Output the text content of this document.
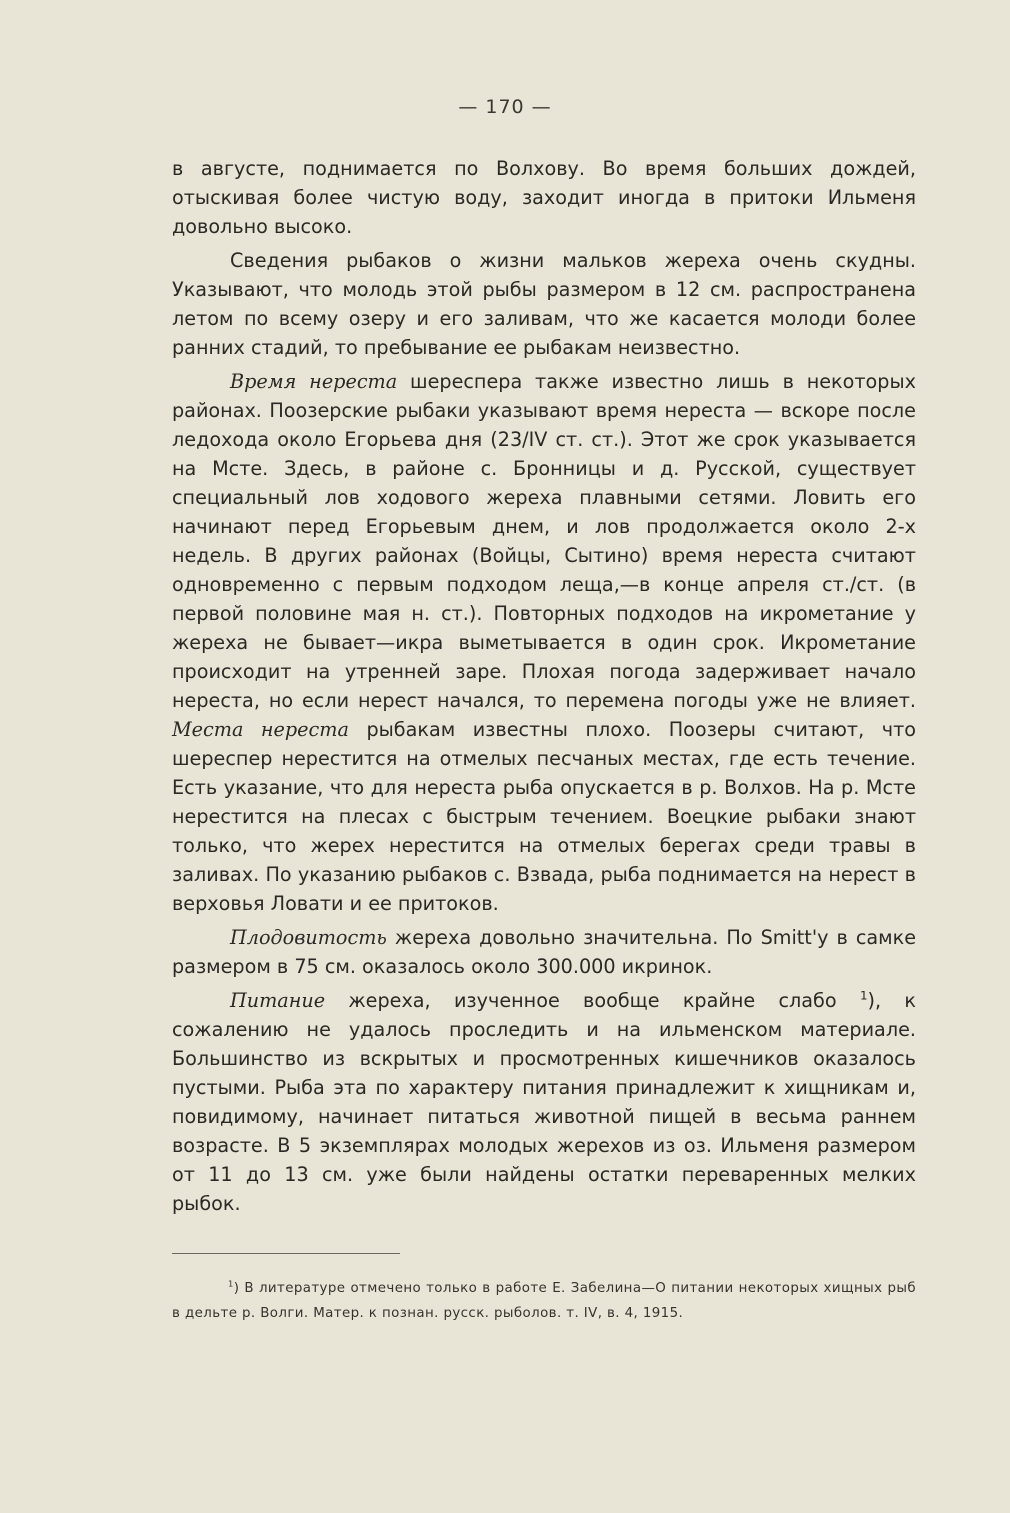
— 170 —

в августе, поднимается по Волхову. Во время больших дождей, отыскивая более чистую воду, заходит иногда в притоки Ильменя довольно высоко.

Сведения рыбаков о жизни мальков жереха очень скудны. Указывают, что молодь этой рыбы размером в 12 см. распространена летом по всему озеру и его заливам, что же касается молоди более ранних стадий, то пребывание ее рыбакам неизвестно.

Время нереста шереспера также известно лишь в некоторых районах. Поозерские рыбаки указывают время нереста — вскоре после ледохода около Егорьева дня (23/IV ст. ст.). Этот же срок указывается на Мсте. Здесь, в районе с. Бронницы и д. Русской, существует специальный лов ходового жереха плавными сетями. Ловить его начинают перед Егорьевым днем, и лов продолжается около 2-х недель. В других районах (Войцы, Сытино) время нереста считают одновременно с первым подходом леща,—в конце апреля ст./ст. (в первой половине мая н. ст.). Повторных подходов на икрометание у жереха не бывает—икра выметывается в один срок. Икрометание происходит на утренней заре. Плохая погода задерживает начало нереста, но если нерест начался, то перемена погоды уже не влияет. Места нереста рыбакам известны плохо. Поозеры считают, что шереспер нерестится на отмелых песчаных местах, где есть течение. Есть указание, что для нереста рыба опускается в р. Волхов. На р. Мсте нерестится на плесах с быстрым течением. Воецкие рыбаки знают только, что жерех нерестится на отмелых берегах среди травы в заливах. По указанию рыбаков с. Взвада, рыба поднимается на нерест в верховья Ловати и ее притоков.

Плодовитость жереха довольно значительна. По Smitt'y в самке размером в 75 см. оказалось около 300.000 икринок.

Питание жереха, изученное вообще крайне слабо $^1$), к сожалению не удалось проследить и на ильменском материале. Большинство из вскрытых и просмотренных кишечников оказалось пустыми. Рыба эта по характеру питания принадлежит к хищникам и, повидимому, начинает питаться животной пищей в весьма раннем возрасте. В 5 экземплярах молодых жерехов из оз. Ильменя размером от 11 до 13 см. уже были найдены остатки переваренных мелких рыбок.

$^1$) В литературе отмечено только в работе Е. Забелина—О питании некоторых хищных рыб в дельте р. Волги. Матер. к познан. русск. рыболов. т. IV, в. 4, 1915.
